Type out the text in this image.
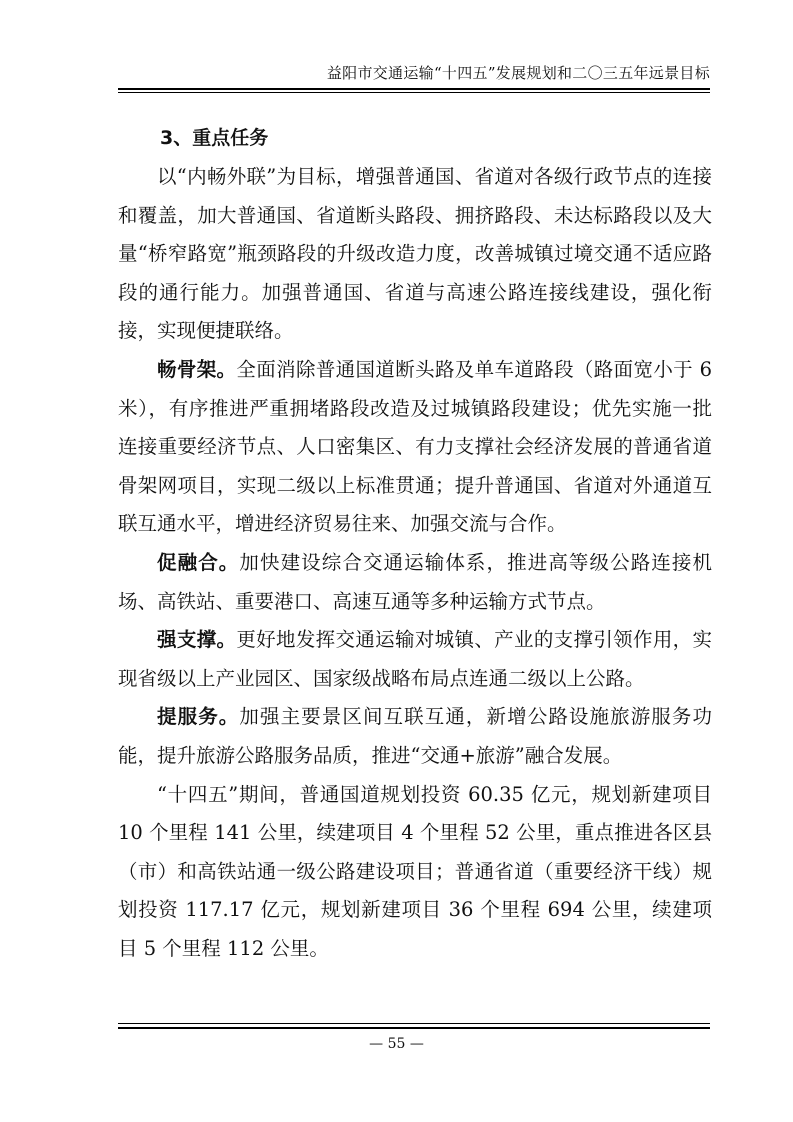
益阳市交通运输“十四五”发展规划和二〇三五年远景目标
3、重点任务

以“内畅外联”为目标，增强普通国、省道对各级行政节点的连接和覆盖，加大普通国、省道断头路段、拥挤路段、未达标路段以及大量“桥窄路宽”瓶颈路段的升级改造力度，改善城镇过境交通不适应路段的通行能力。加强普通国、省道与高速公路连接线建设，强化衔接，实现便捷联络。

畅骨架。全面消除普通国道断头路及单车道路段（路面宽小于 6 米），有序推进严重拥堵路段改造及过城镇路段建设；优先实施一批连接重要经济节点、人口密集区、有力支撑社会经济发展的普通省道骨架网项目，实现二级以上标准贯通；提升普通国、省道对外通道互联互通水平，增进经济贸易往来、加强交流与合作。

促融合。加快建设综合交通运输体系，推进高等级公路连接机场、高铁站、重要港口、高速互通等多种运输方式节点。

强支撑。更好地发挥交通运输对城镇、产业的支撑引领作用，实现省级以上产业园区、国家级战略布局点连通二级以上公路。

提服务。加强主要景区间互联互通，新增公路设施旅游服务功能，提升旅游公路服务品质，推进“交通+旅游”融合发展。

“十四五”期间，普通国道规划投资 60.35 亿元，规划新建项目 10 个里程 141 公里，续建项目 4 个里程 52 公里，重点推进各区县（市）和高铁站通一级公路建设项目；普通省道（重要经济干线）规划投资 117.17 亿元，规划新建项目 36 个里程 694 公里，续建项目 5 个里程 112 公里。

— 55 —
